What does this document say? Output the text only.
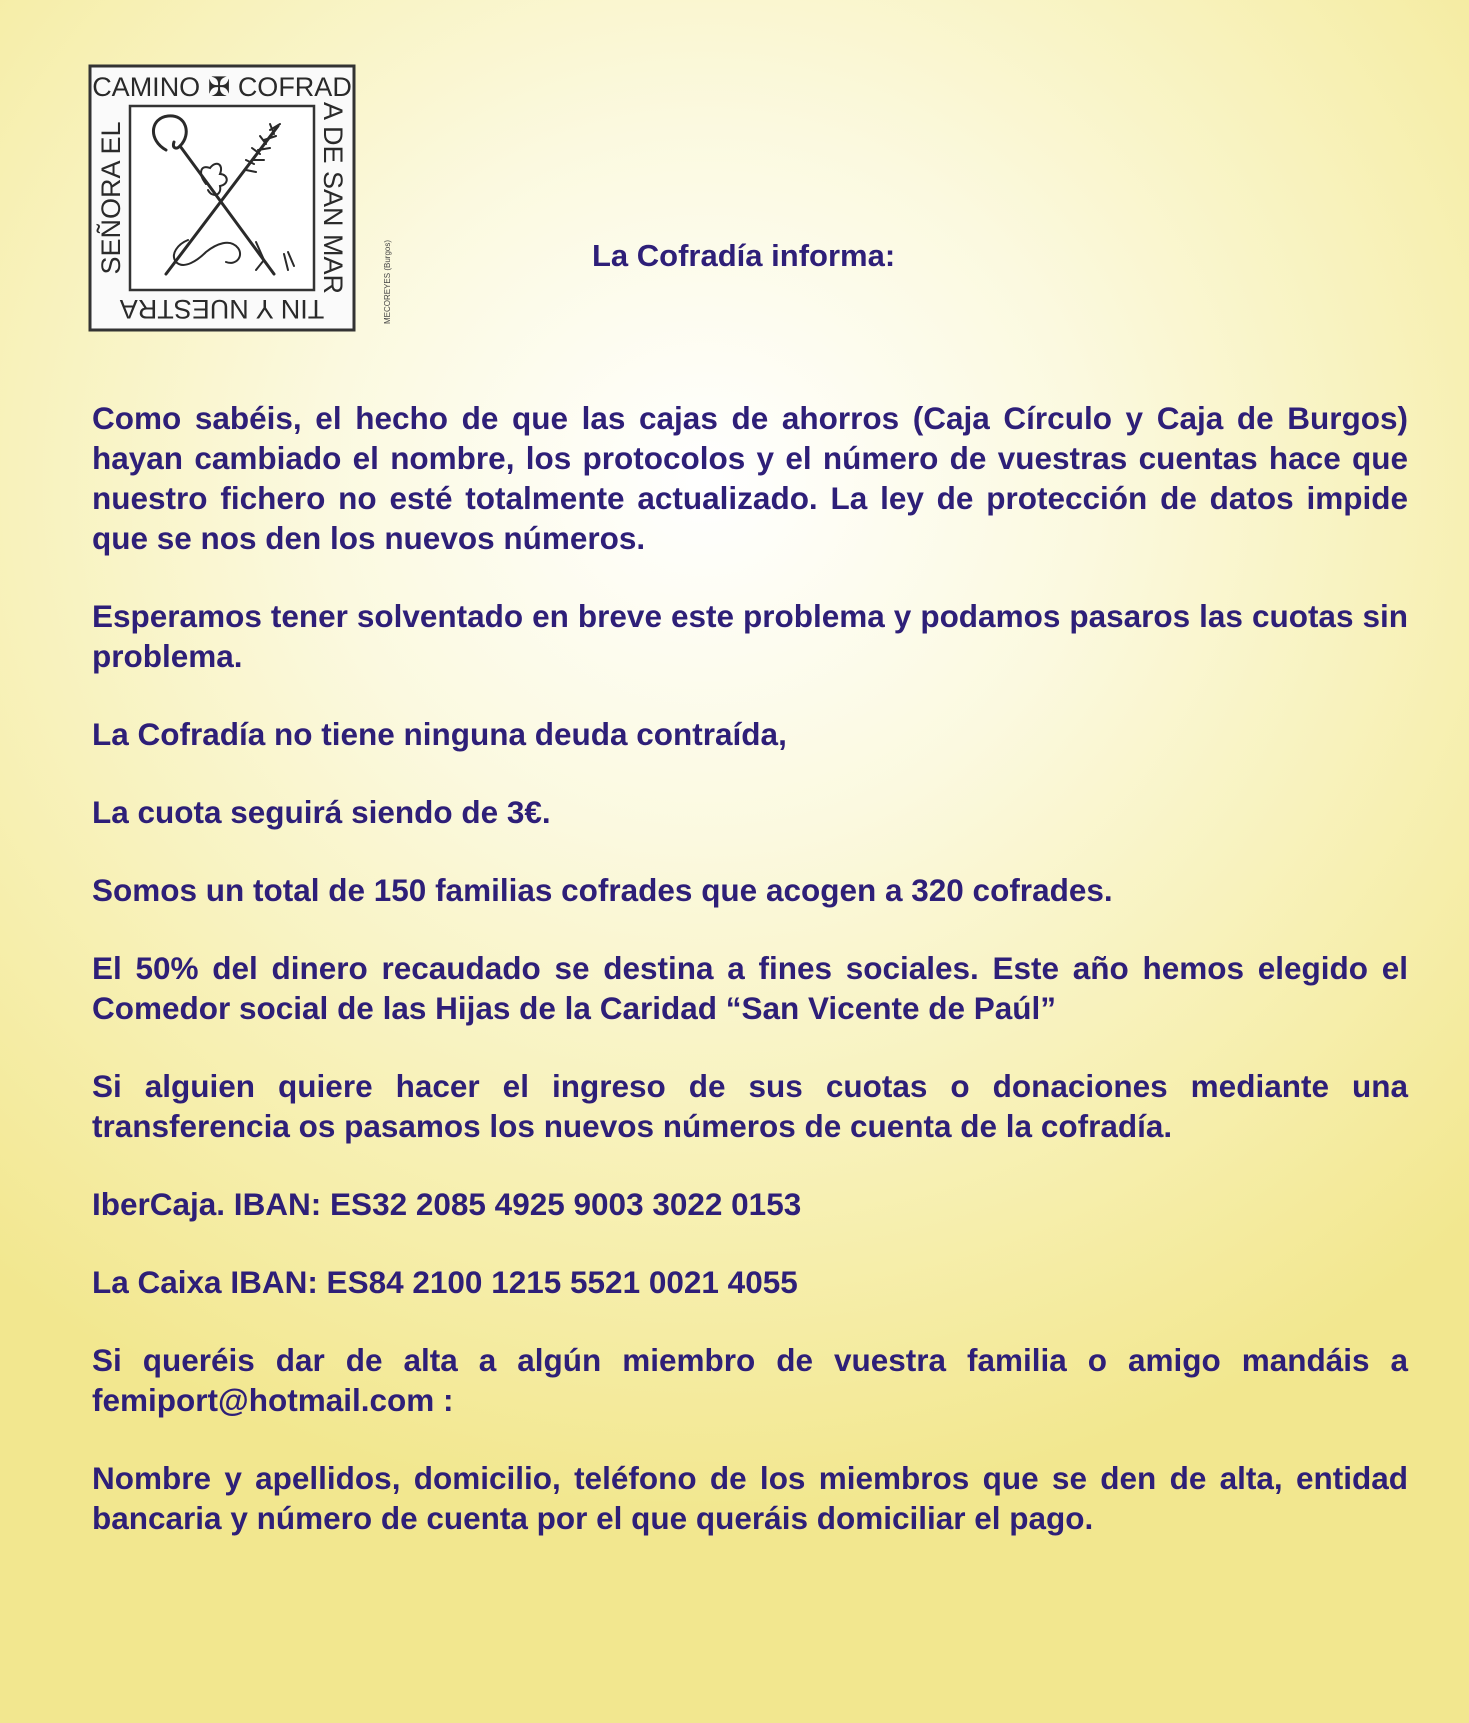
CAMINO ✠ COFRAD
A DE SAN MAR
TIN Y NUESTRA
SEÑORA EL
MECOREYES (Burgos)	La Cofradía informa:

Como sabéis, el hecho de que las cajas de ahorros (Caja Círculo y Caja de Burgos) hayan cambiado el nombre, los protocolos y el número de vuestras cuentas hace que nuestro fichero no esté totalmente actualizado. La ley de protección de datos impide que se nos den los nuevos números.

Esperamos tener solventado en breve este problema y podamos pasaros las cuotas sin problema.

La Cofradía no tiene ninguna deuda contraída,

La cuota seguirá siendo de 3€.

Somos un total de 150 familias cofrades que acogen a 320 cofrades.

El 50% del dinero recaudado se destina a fines sociales. Este año hemos elegido el Comedor social de las Hijas de la Caridad “San Vicente de Paúl”

Si alguien quiere hacer el ingreso de sus cuotas o donaciones mediante una transferencia os pasamos los nuevos números de cuenta de la cofradía.

IberCaja. IBAN: ES32 2085 4925 9003 3022 0153

La Caixa IBAN: ES84 2100 1215 5521 0021 4055

Si queréis dar de alta a algún miembro de vuestra familia o amigo mandáis a femiport@hotmail.com :

Nombre y apellidos, domicilio, teléfono de los miembros que se den de alta, entidad bancaria y número de cuenta por el que queráis domiciliar el pago.
